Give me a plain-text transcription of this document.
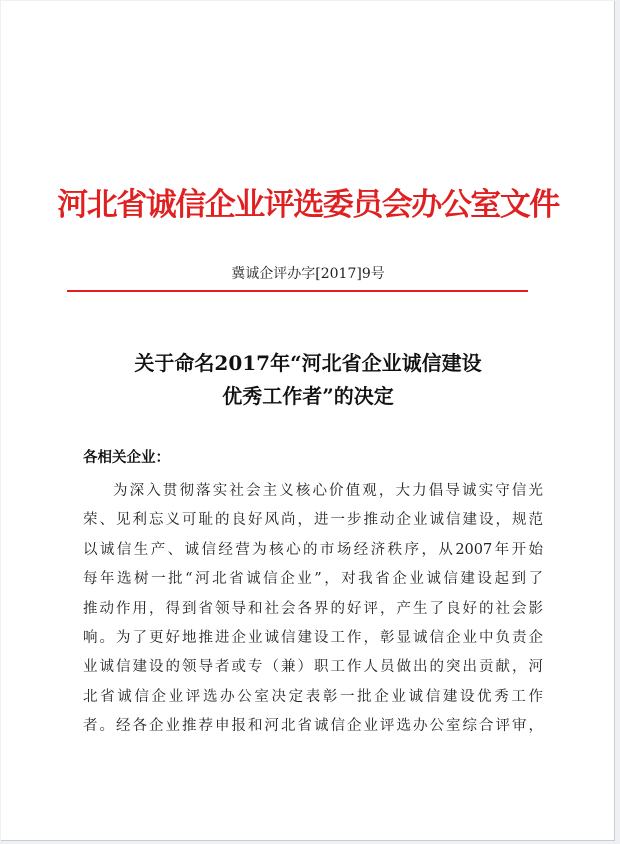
河北省诚信企业评选委员会办公室文件
冀诚企评办字[2017]9号
关于命名2017年“河北省企业诚信建设
优秀工作者”的决定
各相关企业：
为深入贯彻落实社会主义核心价值观，大力倡导诚实守信光
荣、见利忘义可耻的良好风尚，进一步推动企业诚信建设，规范
以诚信生产、诚信经营为核心的市场经济秩序，从2007年开始
每年选树一批“河北省诚信企业”，对我省企业诚信建设起到了
推动作用，得到省领导和社会各界的好评，产生了良好的社会影
响。为了更好地推进企业诚信建设工作，彰显诚信企业中负责企
业诚信建设的领导者或专（兼）职工作人员做出的突出贡献，河
北省诚信企业评选办公室决定表彰一批企业诚信建设优秀工作
者。经各企业推荐申报和河北省诚信企业评选办公室综合评审，
